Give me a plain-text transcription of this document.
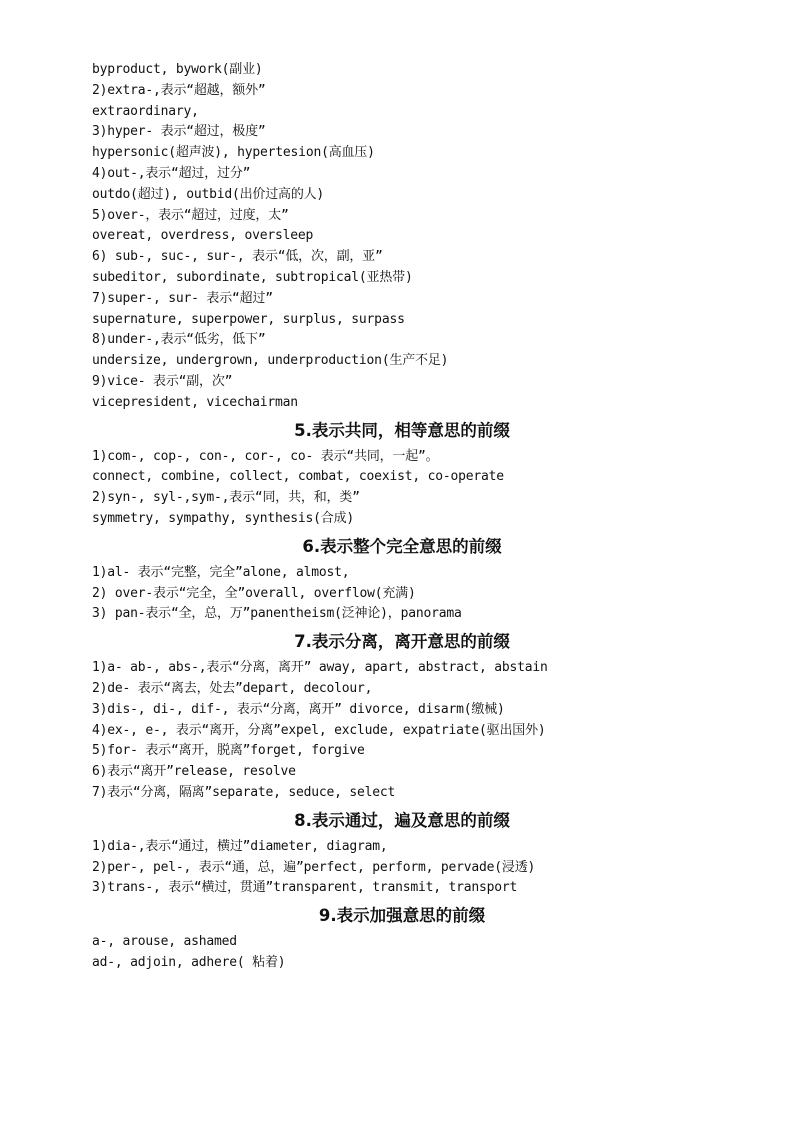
byproduct, bywork(副业)
2)extra-,表示“超越，额外”
extraordinary,
3)hyper- 表示“超过，极度”
hypersonic(超声波), hypertesion(高血压)
4)out-,表示“超过，过分”
outdo(超过), outbid(出价过高的人)
5)over-，表示“超过，过度，太”
overeat, overdress, oversleep
6) sub-, suc-, sur-, 表示“低，次，副，亚”
subeditor, subordinate, subtropical(亚热带)
7)super-, sur- 表示“超过”
supernature, superpower, surplus, surpass
8)under-,表示“低劣，低下”
undersize, undergrown, underproduction(生产不足)
9)vice- 表示“副，次”
vicepresident, vicechairman
5.表示共同，相等意思的前缀
1)com-, cop-, con-, cor-, co- 表示“共同，一起”。
connect, combine, collect, combat, coexist, co-operate
2)syn-, syl-,sym-,表示“同，共，和，类”
symmetry, sympathy, synthesis(合成)
6.表示整个完全意思的前缀
1)al- 表示“完整，完全”alone, almost,
2) over-表示“完全，全”overall, overflow(充满)
3) pan-表示“全，总，万”panentheism(泛神论)，panorama
7.表示分离，离开意思的前缀
1)a- ab-, abs-,表示“分离，离开” away, apart, abstract, abstain
2)de- 表示“离去，处去”depart, decolour,
3)dis-, di-, dif-, 表示“分离，离开” divorce, disarm(缴械)
4)ex-, e-, 表示“离开，分离”expel, exclude, expatriate(驱出国外)
5)for- 表示“离开，脱离”forget, forgive
6)表示“离开”release, resolve
7)表示“分离，隔离”separate, seduce, select
8.表示通过，遍及意思的前缀
1)dia-,表示“通过，横过”diameter, diagram,
2)per-, pel-, 表示“通，总，遍”perfect, perform, pervade(浸透)
3)trans-, 表示“横过，贯通”transparent, transmit, transport
9.表示加强意思的前缀
a-, arouse, ashamed
ad-, adjoin, adhere( 粘着)
